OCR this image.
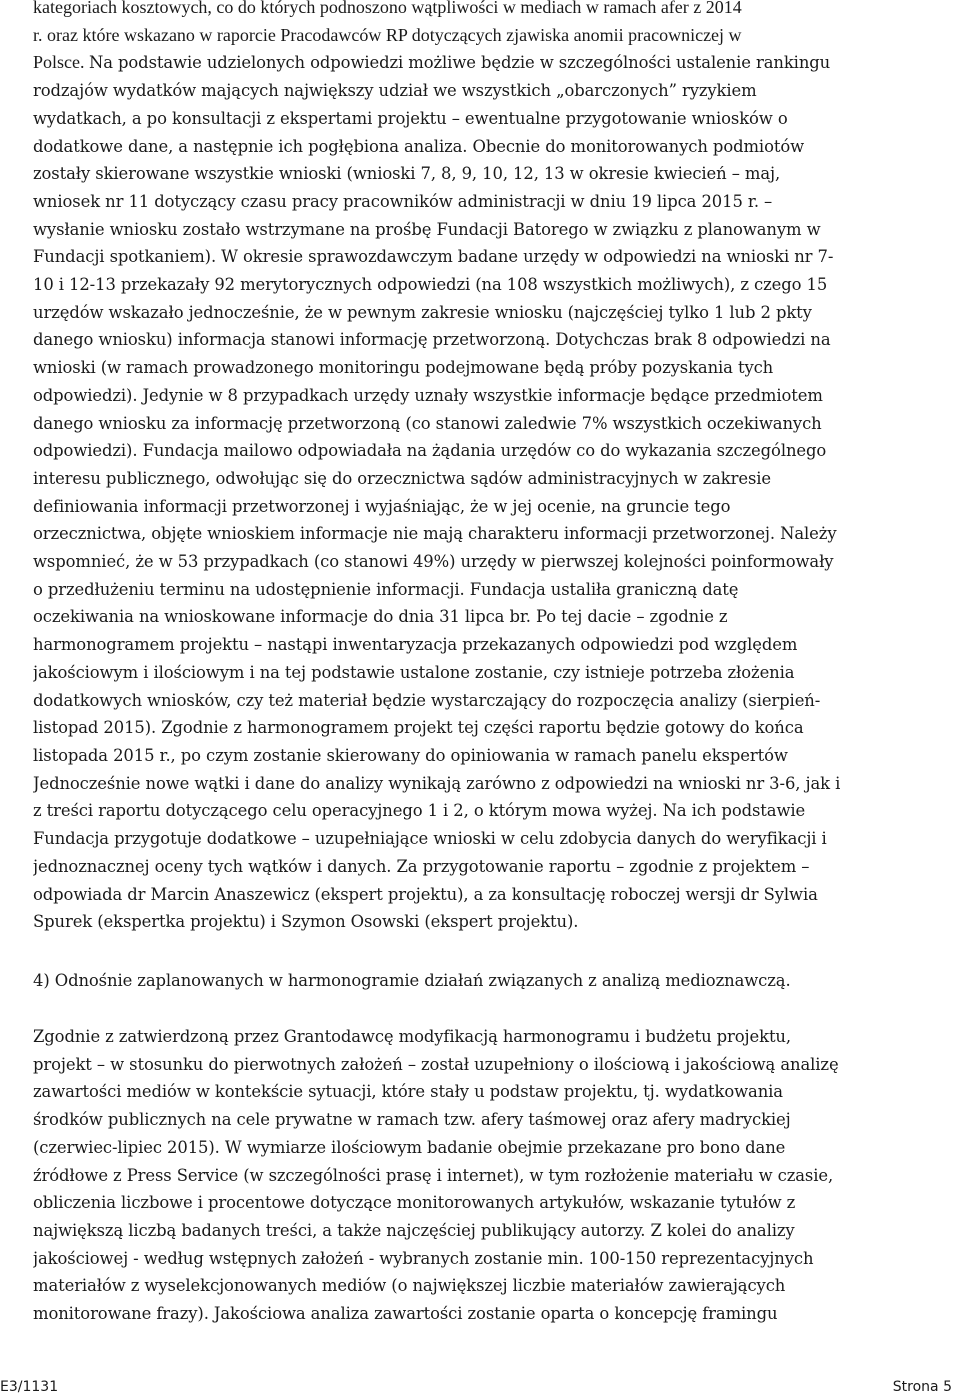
kategoriach kosztowych, co do których podnoszono wątpliwości w mediach w ramach afer z 2014
r. oraz które wskazano w raporcie Pracodawców RP dotyczących zjawiska anomii pracowniczej w
Polsce. Na podstawie udzielonych odpowiedzi możliwe będzie w szczególności ustalenie rankingu
rodzajów wydatków mających największy udział we wszystkich „obarczonych” ryzykiem
wydatkach, a po konsultacji z ekspertami projektu – ewentualne przygotowanie wniosków o
dodatkowe dane, a następnie ich pogłębiona analiza. Obecnie do monitorowanych podmiotów
zostały skierowane wszystkie wnioski (wnioski 7, 8, 9, 10, 12, 13 w okresie kwiecień – maj,
wniosek nr 11 dotyczący czasu pracy pracowników administracji w dniu 19 lipca 2015 r. –
wysłanie wniosku zostało wstrzymane na prośbę Fundacji Batorego w związku z planowanym w
Fundacji spotkaniem). W okresie sprawozdawczym badane urzędy w odpowiedzi na wnioski nr 7-
10 i 12-13 przekazały 92 merytorycznych odpowiedzi (na 108 wszystkich możliwych), z czego 15
urzędów wskazało jednocześnie, że w pewnym zakresie wniosku (najczęściej tylko 1 lub 2 pkty
danego wniosku) informacja stanowi informację przetworzoną. Dotychczas brak 8 odpowiedzi na
wnioski (w ramach prowadzonego monitoringu podejmowane będą próby pozyskania tych
odpowiedzi). Jedynie w 8 przypadkach urzędy uznały wszystkie informacje będące przedmiotem
danego wniosku za informację przetworzoną (co stanowi zaledwie 7% wszystkich oczekiwanych
odpowiedzi). Fundacja mailowo odpowiadała na żądania urzędów co do wykazania szczególnego
interesu publicznego, odwołując się do orzecznictwa sądów administracyjnych w zakresie
definiowania informacji przetworzonej i wyjaśniając, że w jej ocenie, na gruncie tego
orzecznictwa, objęte wnioskiem informacje nie mają charakteru informacji przetworzonej. Należy
wspomnieć, że w 53 przypadkach (co stanowi 49%) urzędy w pierwszej kolejności poinformowały
o przedłużeniu terminu na udostępnienie informacji. Fundacja ustaliła graniczną datę
oczekiwania na wnioskowane informacje do dnia 31 lipca br. Po tej dacie – zgodnie z
harmonogramem projektu – nastąpi inwentaryzacja przekazanych odpowiedzi pod względem
jakościowym i ilościowym i na tej podstawie ustalone zostanie, czy istnieje potrzeba złożenia
dodatkowych wniosków, czy też materiał będzie wystarczający do rozpoczęcia analizy (sierpień-
listopad 2015). Zgodnie z harmonogramem projekt tej części raportu będzie gotowy do końca
listopada 2015 r., po czym zostanie skierowany do opiniowania w ramach panelu ekspertów
Jednocześnie nowe wątki i dane do analizy wynikają zarówno z odpowiedzi na wnioski nr 3-6, jak i
z treści raportu dotyczącego celu operacyjnego 1 i 2, o którym mowa wyżej. Na ich podstawie
Fundacja przygotuje dodatkowe – uzupełniające wnioski w celu zdobycia danych do weryfikacji i
jednoznacznej oceny tych wątków i danych. Za przygotowanie raportu – zgodnie z projektem –
odpowiada dr Marcin Anaszewicz (ekspert projektu), a za konsultację roboczej wersji dr Sylwia
Spurek (ekspertka projektu) i Szymon Osowski (ekspert projektu).
4) Odnośnie zaplanowanych w harmonogramie działań związanych z analizą medioznawczą.
Zgodnie z zatwierdzoną przez Grantodawcę modyfikacją harmonogramu i budżetu projektu,
projekt – w stosunku do pierwotnych założeń – został uzupełniony o ilościową i jakościową analizę
zawartości mediów w kontekście sytuacji, które stały u podstaw projektu, tj. wydatkowania
środków publicznych na cele prywatne w ramach tzw. afery taśmowej oraz afery madryckiej
(czerwiec-lipiec 2015). W wymiarze ilościowym badanie obejmie przekazane pro bono dane
źródłowe z Press Service (w szczególności prasę i internet), w tym rozłożenie materiału w czasie,
obliczenia liczbowe i procentowe dotyczące monitorowanych artykułów, wskazanie tytułów z
największą liczbą badanych treści, a także najczęściej publikujący autorzy. Z kolei do analizy
jakościowej - według wstępnych założeń - wybranych zostanie min. 100-150 reprezentacyjnych
materiałów z wyselekcjonowanych mediów (o największej liczbie materiałów zawierających
monitorowane frazy). Jakościowa analiza zawartości zostanie oparta o koncepcję framingu
E3/1131	Strona 5
